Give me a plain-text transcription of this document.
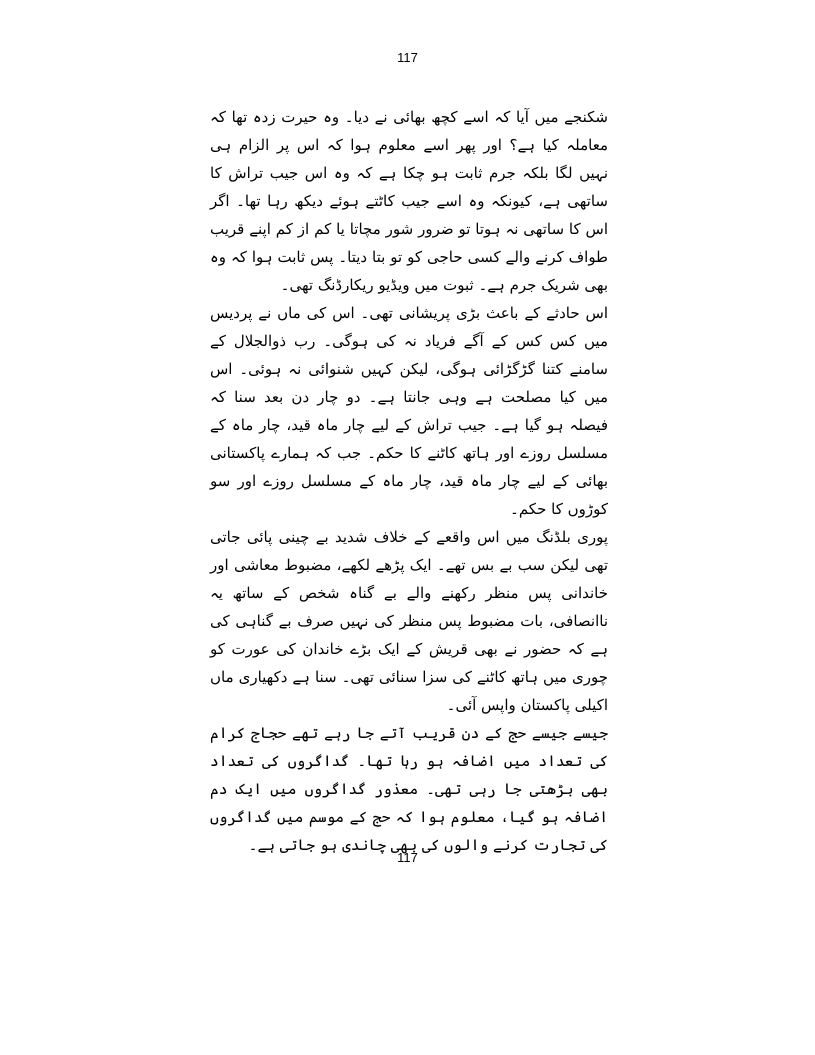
117

شکنجے میں آیا کہ اسے کچھ بھائی نے دیا۔ وہ حیرت زدہ تھا کہ معاملہ کیا ہے؟ اور پھر اسے معلوم ہوا کہ اس پر الزام ہی نہیں لگا بلکہ جرم ثابت ہو چکا ہے کہ وہ اس جیب تراش کا ساتھی ہے، کیونکہ وہ اسے جیب کاٹتے ہوئے دیکھ رہا تھا۔ اگر اس کا ساتھی نہ ہوتا تو ضرور شور مچاتا یا کم از کم اپنے قریب طواف کرنے والے کسی حاجی کو تو بتا دیتا۔ پس ثابت ہوا کہ وہ بھی شریک جرم ہے۔ ثبوت میں ویڈیو ریکارڈنگ تھی۔

اس حادثے کے باعث بڑی پریشانی تھی۔ اس کی ماں نے پردیس میں کس کس کے آگے فریاد نہ کی ہوگی۔ رب ذوالجلال کے سامنے کتنا گڑگڑائی ہوگی، لیکن کہیں شنوائی نہ ہوئی۔ اس میں کیا مصلحت ہے وہی جانتا ہے۔ دو چار دن بعد سنا کہ فیصلہ ہو گیا ہے۔ جیب تراش کے لیے چار ماہ قید، چار ماہ کے مسلسل روزے اور ہاتھ کاٹنے کا حکم۔ جب کہ ہمارے پاکستانی بھائی کے لیے چار ماہ قید، چار ماہ کے مسلسل روزے اور سو کوڑوں کا حکم۔

پوری بلڈنگ میں اس واقعے کے خلاف شدید بے چینی پائی جاتی تھی لیکن سب بے بس تھے۔ ایک پڑھے لکھے، مضبوط معاشی اور خاندانی پس منظر رکھنے والے بے گناہ شخص کے ساتھ یہ ناانصافی، بات مضبوط پس منظر کی نہیں صرف بے گناہی کی ہے کہ حضور نے بھی قریش کے ایک بڑے خاندان کی عورت کو چوری میں ہاتھ کاٹنے کی سزا سنائی تھی۔ سنا ہے دکھیاری ماں اکیلی پاکستان واپس آئی۔

جیسے جیسے حج کے دن قریب آتے جا رہے تھے حجاج کرام کی تعداد میں اضافہ ہو رہا تھا۔ گداگروں کی تعداد بھی بڑھتی جا رہی تھی۔ معذور گداگروں میں ایک دم اضافہ ہو گیا، معلوم ہوا کہ حج کے موسم میں گداگروں کی تجارت کرنے والوں کی بھی چاندی ہو جاتی ہے۔

117
